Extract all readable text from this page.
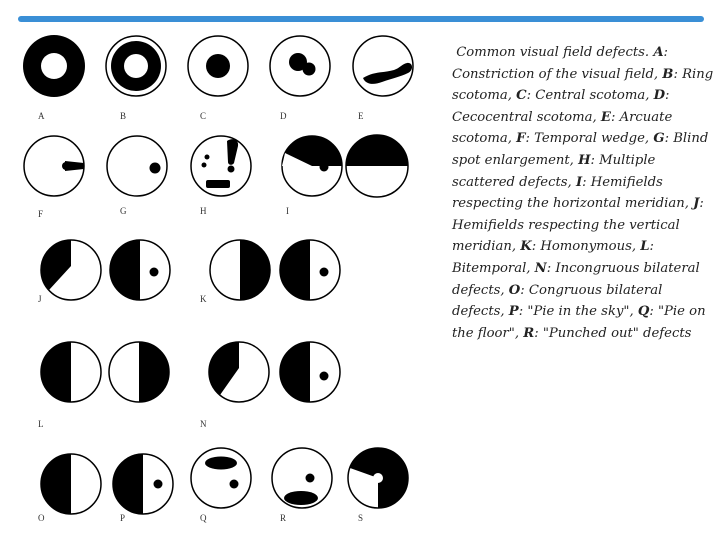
A	B	C	D	E
F	G	H	I
J	K
L	N
O	P	Q	R	S
Common visual field defects. A: Constriction of the visual field, B: Ring scotoma, C: Central scotoma, D: Cecocentral scotoma, E: Arcuate scotoma, F: Temporal wedge, G: Blind spot enlargement, H: Multiple scattered defects, I: Hemifields respecting the horizontal meridian, J: Hemifields respecting the vertical meridian, K: Homonymous, L: Bitemporal, N: Incongruous bilateral defects, O: Congruous bilateral defects, P: "Pie in the sky", Q: "Pie on the floor", R: "Punched out" defects
